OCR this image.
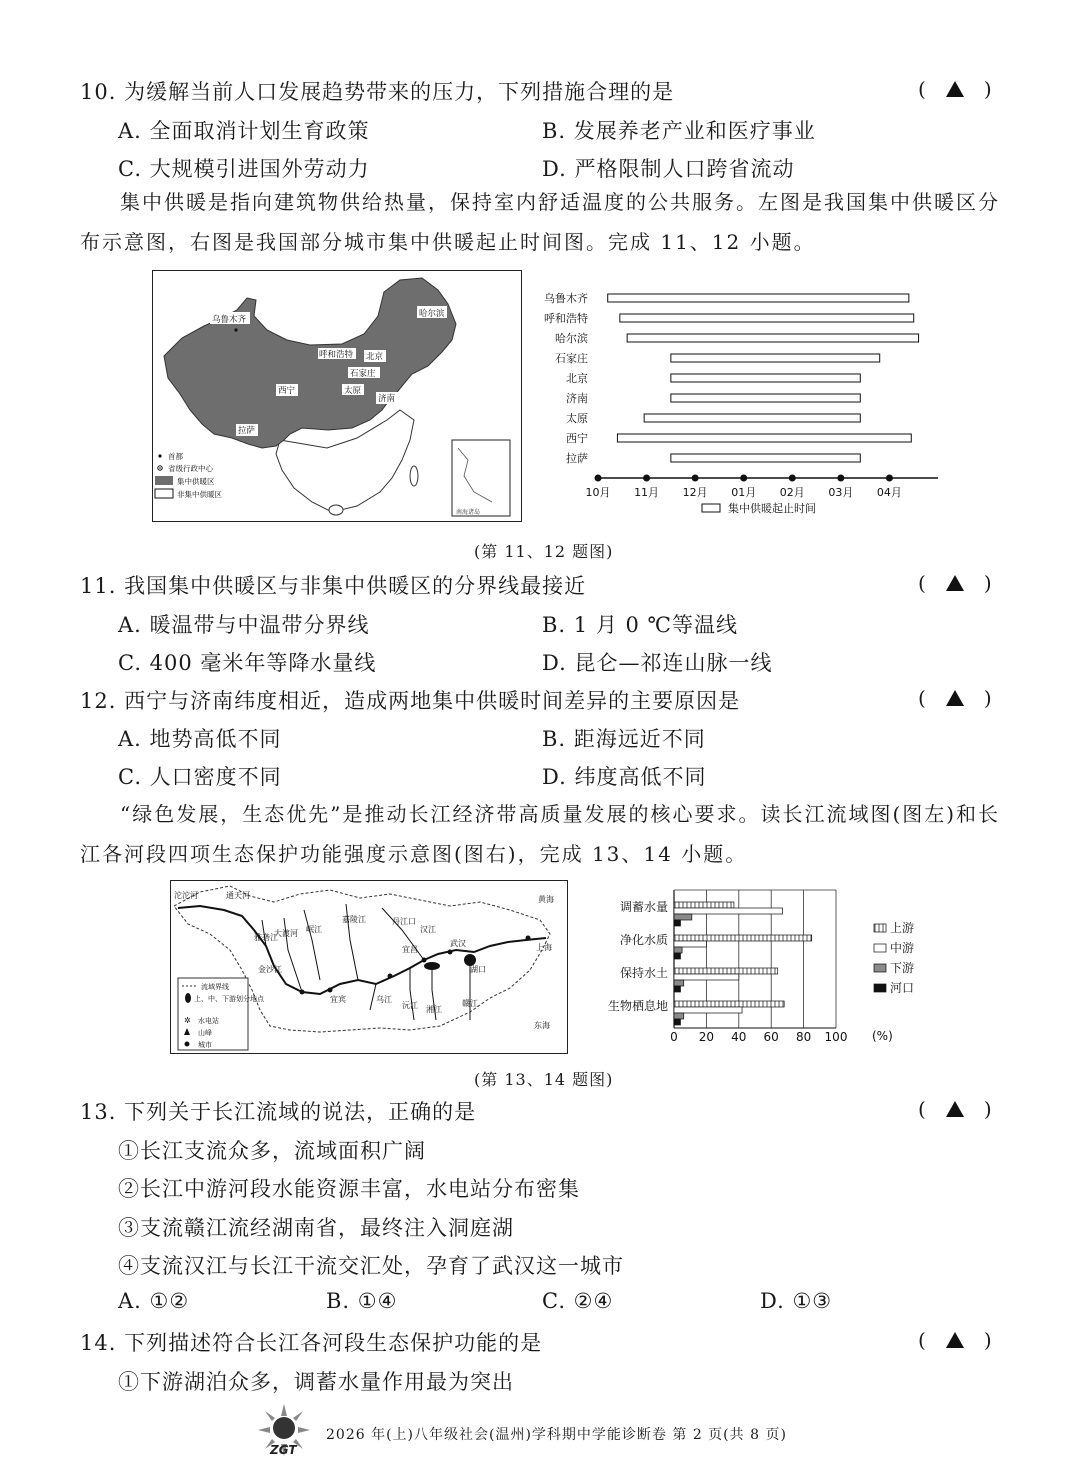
10. 为缓解当前人口发展趋势带来的压力，下列措施合理的是	(	)
A. 全面取消计划生育政策	B. 发展养老产业和医疗事业
C. 大规模引进国外劳动力	D. 严格限制人口跨省流动
集中供暖是指向建筑物供给热量，保持室内舒适温度的公共服务。左图是我国集中供暖区分布示意图，右图是我国部分城市集中供暖起止时间图。完成 11、12 小题。
南海诸岛
乌鲁木齐
哈尔滨
呼和浩特 北京
石家庄
太原
济南
西宁
拉萨
首都
省级行政中心
集中供暖区
非集中供暖区
乌鲁木齐
呼和浩特
哈尔滨
石家庄
北京
济南
太原
西宁
拉萨
10月 11月 12月 01月 02月 03月 04月
集中供暖起止时间
(第 11、12 题图)
11. 我国集中供暖区与非集中供暖区的分界线最接近	(	)
A. 暖温带与中温带分界线	B. 1 月 0 ℃等温线
C. 400 毫米年等降水量线	D. 昆仑—祁连山脉一线
12. 西宁与济南纬度相近，造成两地集中供暖时间差异的主要原因是	(	)
A. 地势高低不同	B. 距海远近不同
C. 人口密度不同	D. 纬度高低不同
“绿色发展，生态优先”是推动长江经济带高质量发展的核心要求。读长江流域图(图左)和长江各河段四项生态保护功能强度示意图(图右)，完成 13、14 小题。
沱沱河	通天河
雅砻江
大渡河 岷江
嘉陵江	丹江口
汉江
宜昌
武汉
湖口
上海
黄海
东海
金沙江
宜宾	乌江
沅江 湘江
赣江
流域界线
上、中、下游划分地点
✲ 水电站
山峰
城市
调蓄水量
净化水质
保持水土
生物栖息地
0 20 40 60 80 100 (%)
上游
中游
下游
河口
(第 13、14 题图)
13. 下列关于长江流域的说法，正确的是	(	)
①长江支流众多，流域面积广阔
②长江中游河段水能资源丰富，水电站分布密集
③支流赣江流经湖南省，最终注入洞庭湖
④支流汉江与长江干流交汇处，孕育了武汉这一城市
A. ①②	B. ①④	C. ②④	D. ①③
14. 下列描述符合长江各河段生态保护功能的是	(	)
①下游湖泊众多，调蓄水量作用最为突出
ZGT
2026 年(上)八年级社会(温州)学科期中学能诊断卷 第 2 页(共 8 页)
